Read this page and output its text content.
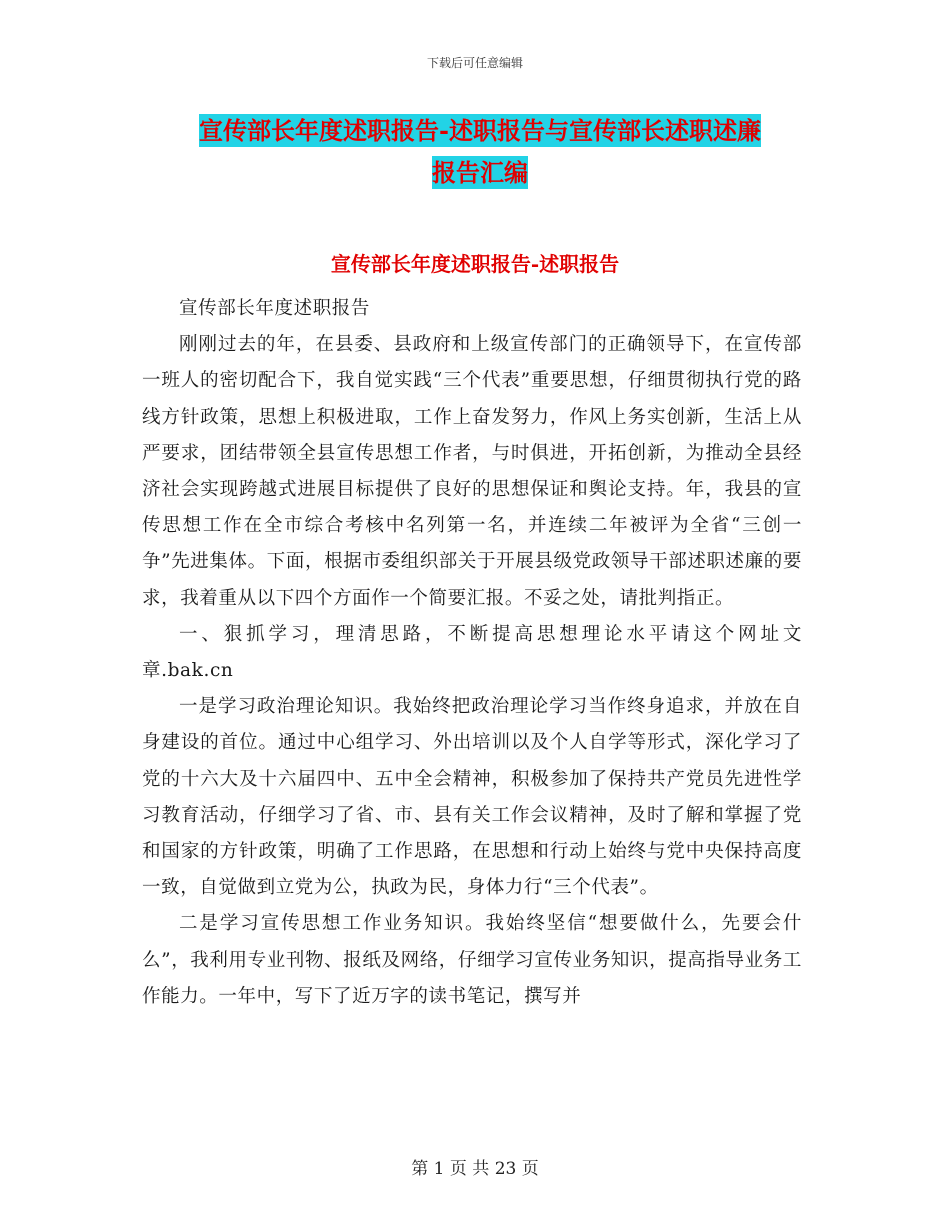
下载后可任意编辑
宣传部长年度述职报告-述职报告与宣传部长述职述廉
报告汇编
宣传部长年度述职报告-述职报告

宣传部长年度述职报告

刚刚过去的年，在县委、县政府和上级宣传部门的正确领导下，在宣传部一班人的密切配合下，我自觉实践“三个代表”重要思想，仔细贯彻执行党的路线方针政策，思想上积极进取，工作上奋发努力，作风上务实创新，生活上从严要求，团结带领全县宣传思想工作者，与时俱进，开拓创新，为推动全县经济社会实现跨越式进展目标提供了良好的思想保证和舆论支持。年，我县的宣传思想工作在全市综合考核中名列第一名，并连续二年被评为全省“三创一争”先进集体。下面，根据市委组织部关于开展县级党政领导干部述职述廉的要求，我着重从以下四个方面作一个简要汇报。不妥之处，请批判指正。

一、狠抓学习，理清思路，不断提高思想理论水平请这个网址文章.bak.cn

一是学习政治理论知识。我始终把政治理论学习当作终身追求，并放在自身建设的首位。通过中心组学习、外出培训以及个人自学等形式，深化学习了党的十六大及十六届四中、五中全会精神，积极参加了保持共产党员先进性学习教育活动，仔细学习了省、市、县有关工作会议精神，及时了解和掌握了党和国家的方针政策，明确了工作思路，在思想和行动上始终与党中央保持高度一致，自觉做到立党为公，执政为民，身体力行“三个代表”。

二是学习宣传思想工作业务知识。我始终坚信“想要做什么，先要会什么”，我利用专业刊物、报纸及网络，仔细学习宣传业务知识，提高指导业务工作能力。一年中，写下了近万字的读书笔记，撰写并

第 1 页 共 23 页
